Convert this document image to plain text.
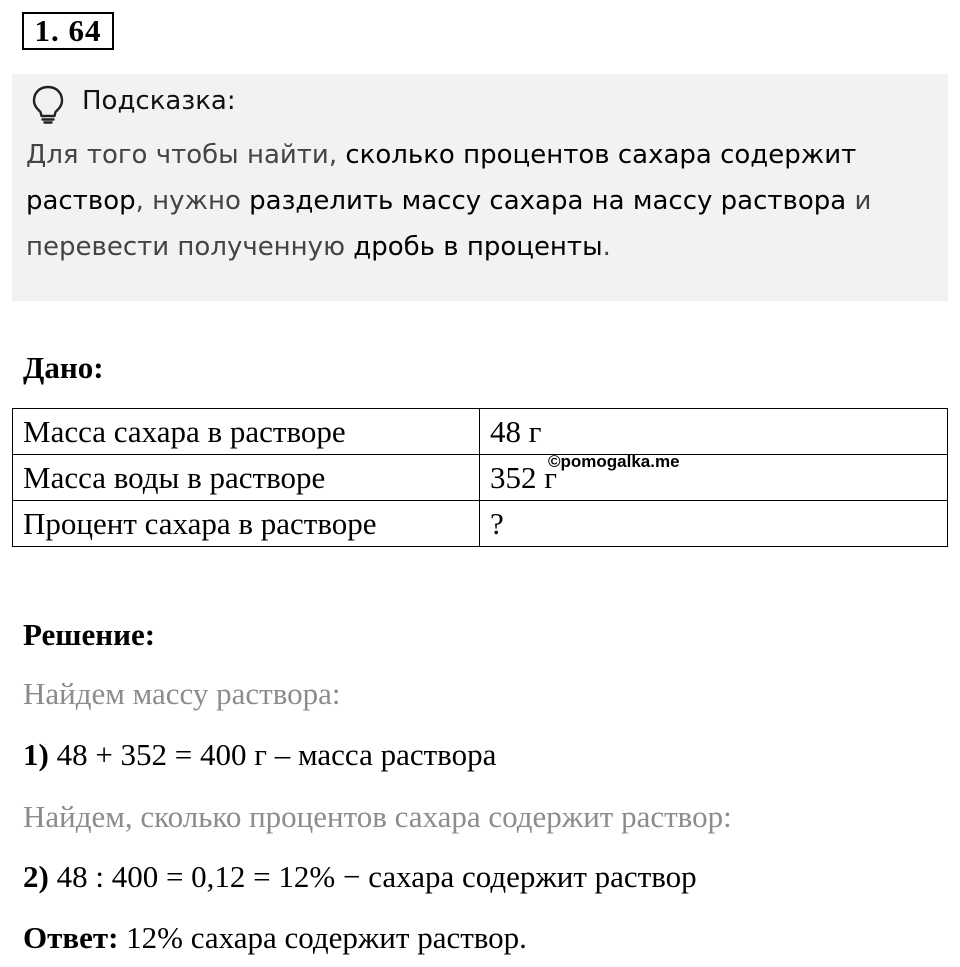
1. 64
Подсказка:
Для того чтобы найти, сколько процентов сахара содержит раствор, нужно разделить массу сахара на массу раствора и перевести полученную дробь в проценты.
Дано:
Масса сахара в растворе	48 г
Масса воды в растворе	352 г
Процент сахара в растворе	?
©pomogalka.me
Решение:
Найдем массу раствора:
1) 48 + 352 = 400 г – масса раствора
Найдем, сколько процентов сахара содержит раствор:
2) 48 : 400 = 0,12 = 12% − сахара содержит раствор
Ответ: 12% сахара содержит раствор.
